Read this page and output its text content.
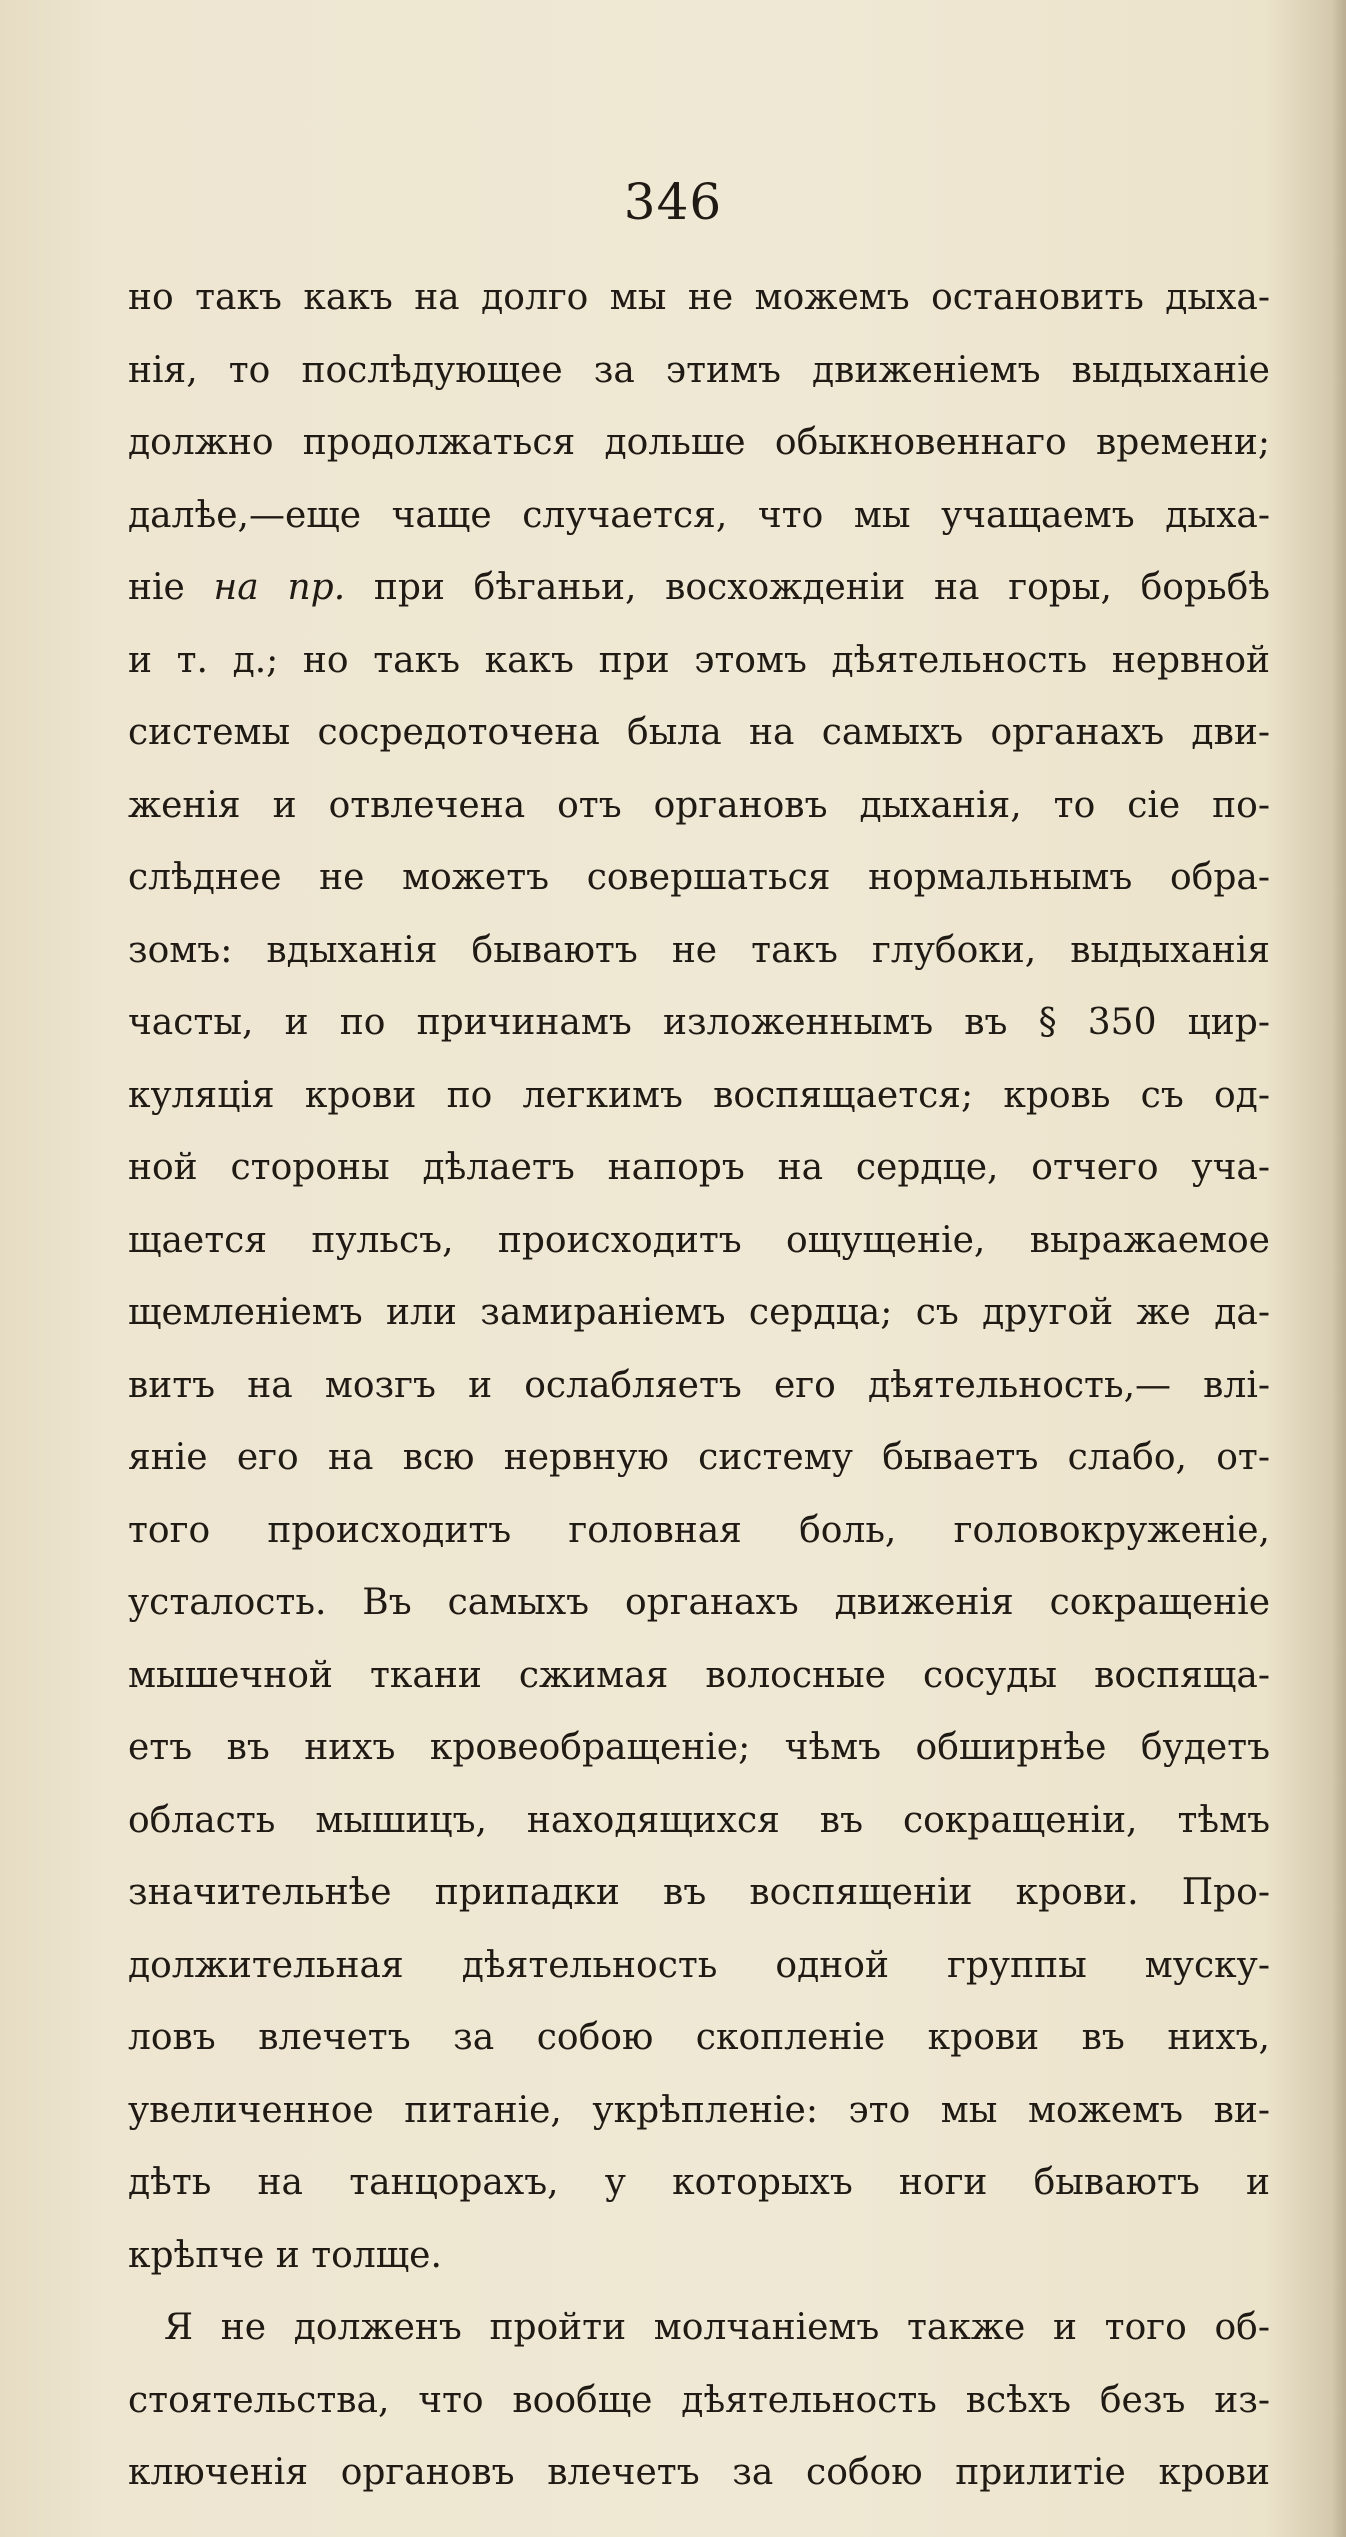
346
но такъ какъ на долго мы не можемъ остановить дыха-
нія, то послѣдующее за этимъ движеніемъ выдыханіе
должно продолжаться дольше обыкновеннаго времени;
далѣе,—еще чаще случается, что мы учащаемъ дыха-
ніе на пр. при бѣганьи, восхожденіи на горы, борьбѣ
и т. д.; но такъ какъ при этомъ дѣятельность нервной
системы сосредоточена была на самыхъ органахъ дви-
женія и отвлечена отъ органовъ дыханія, то сіе по-
слѣднее не можетъ совершаться нормальнымъ обра-
зомъ: вдыханія бываютъ не такъ глубоки, выдыханія
часты, и по причинамъ изложеннымъ въ § 350 цир-
куляція крови по легкимъ воспящается; кровь съ од-
ной стороны дѣлаетъ напоръ на сердце, отчего уча-
щается пульсъ, происходитъ ощущеніе, выражаемое
щемленіемъ или замираніемъ сердца; съ другой же да-
витъ на мозгъ и ослабляетъ его дѣятельность,— влі-
яніе его на всю нервную систему бываетъ слабо, от-
того происходитъ головная боль, головокруженіе,
усталость. Въ самыхъ органахъ движенія сокращеніе
мышечной ткани сжимая волосные сосуды воспяща-
етъ въ нихъ кровеобращеніе; чѣмъ обширнѣе будетъ
область мышицъ, находящихся въ сокращеніи, тѣмъ
значительнѣе припадки въ воспященіи крови. Про-
должительная дѣятельность одной группы муску-
ловъ влечетъ за собою скопленіе крови въ нихъ,
увеличенное питаніе, укрѣпленіе: это мы можемъ ви-
дѣть на танцорахъ, у которыхъ ноги бываютъ и
крѣпче и толще.
Я не долженъ пройти молчаніемъ также и того об-
стоятельства, что вообще дѣятельность всѣхъ безъ из-
ключенія органовъ влечетъ за собою прилитіе крови
